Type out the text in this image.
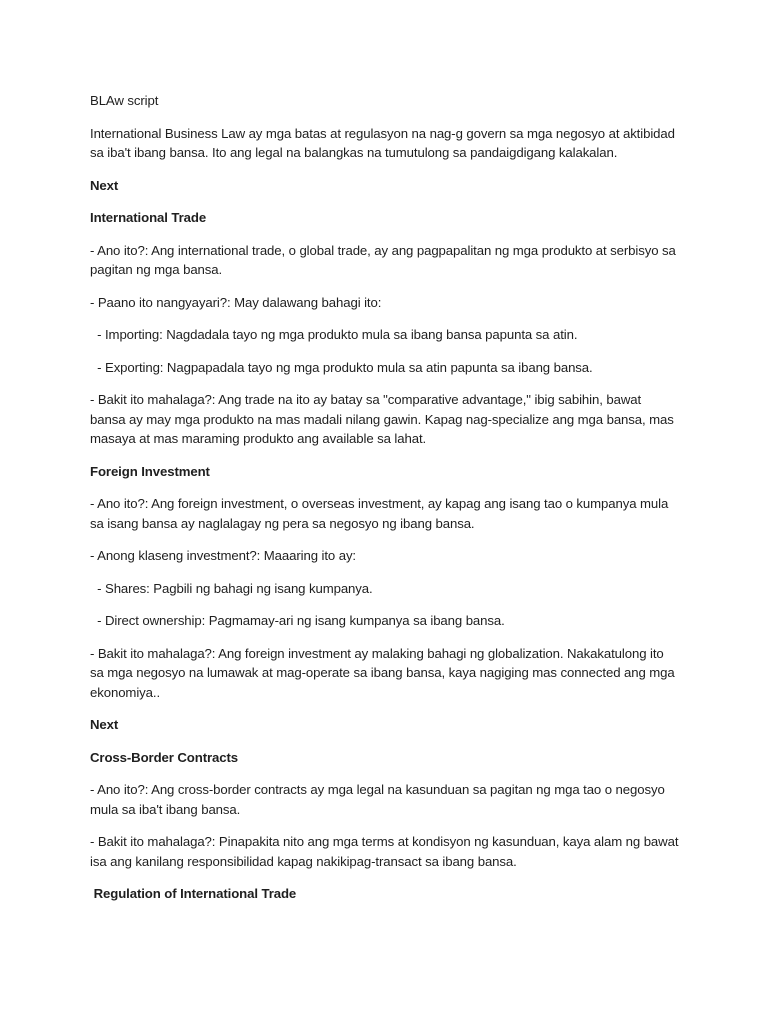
BLAw script

International Business Law ay mga batas at regulasyon na nag-g govern sa mga negosyo at aktibidad sa iba't ibang bansa. Ito ang legal na balangkas na tumutulong sa pandaigdigang kalakalan.

Next

International Trade

- Ano ito?: Ang international trade, o global trade, ay ang pagpapalitan ng mga produkto at serbisyo sa pagitan ng mga bansa.

- Paano ito nangyayari?: May dalawang bahagi ito:

- Importing: Nagdadala tayo ng mga produkto mula sa ibang bansa papunta sa atin.

- Exporting: Nagpapadala tayo ng mga produkto mula sa atin papunta sa ibang bansa.

- Bakit ito mahalaga?: Ang trade na ito ay batay sa "comparative advantage," ibig sabihin, bawat bansa ay may mga produkto na mas madali nilang gawin. Kapag nag-specialize ang mga bansa, mas masaya at mas maraming produkto ang available sa lahat.

Foreign Investment

- Ano ito?: Ang foreign investment, o overseas investment, ay kapag ang isang tao o kumpanya mula sa isang bansa ay naglalagay ng pera sa negosyo ng ibang bansa.

- Anong klaseng investment?: Maaaring ito ay:

- Shares: Pagbili ng bahagi ng isang kumpanya.

- Direct ownership: Pagmamay-ari ng isang kumpanya sa ibang bansa.

- Bakit ito mahalaga?: Ang foreign investment ay malaking bahagi ng globalization. Nakakatulong ito sa mga negosyo na lumawak at mag-operate sa ibang bansa, kaya nagiging mas connected ang mga ekonomiya..

Next

Cross-Border Contracts

- Ano ito?: Ang cross-border contracts ay mga legal na kasunduan sa pagitan ng mga tao o negosyo mula sa iba't ibang bansa.

- Bakit ito mahalaga?: Pinapakita nito ang mga terms at kondisyon ng kasunduan, kaya alam ng bawat isa ang kanilang responsibilidad kapag nakikipag-transact sa ibang bansa.

Regulation of International Trade
